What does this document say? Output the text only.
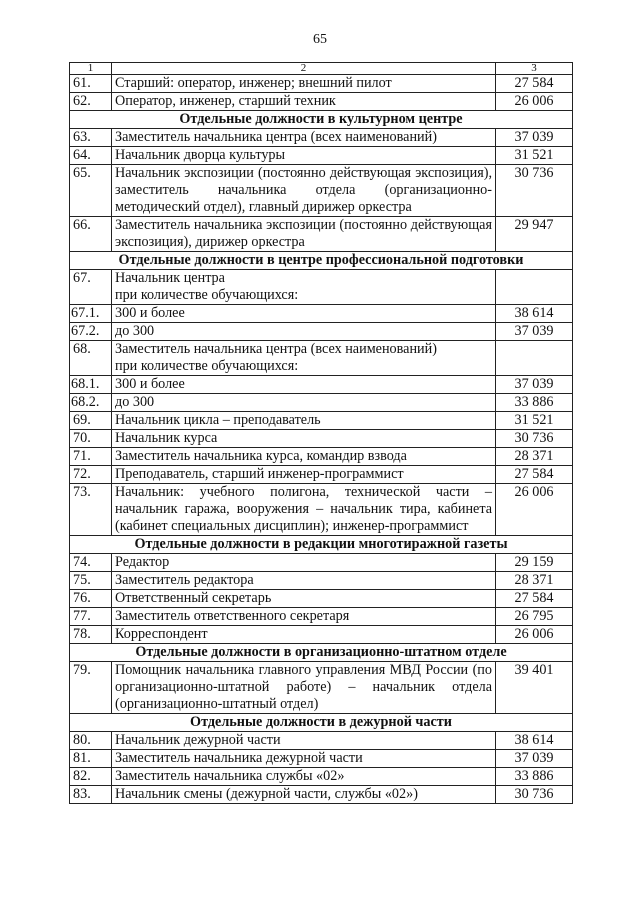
65
1	2	3
61.	Старший: оператор, инженер; внешний пилот	27 584
62.	Оператор, инженер, старший техник	26 006
Отдельные должности в культурном центре		
63.	Заместитель начальника центра (всех наименований)	37 039
64.	Начальник дворца культуры	31 521
65.	Начальник экспозиции (постоянно действующая экспозиция), заместитель начальника отдела (организационно-методический отдел), главный дирижер оркестра	30 736
66.	Заместитель начальника экспозиции (постоянно действующая экспозиция), дирижер оркестра	29 947
Отдельные должности в центре профессиональной подготовки		
67.	Начальник центра
при количестве обучающихся:	
67.1.	300 и более	38 614
67.2.	до 300	37 039
68.	Заместитель начальника центра (всех наименований)
при количестве обучающихся:	
68.1.	300 и более	37 039
68.2.	до 300	33 886
69.	Начальник цикла – преподаватель	31 521
70.	Начальник курса	30 736
71.	Заместитель начальника курса, командир взвода	28 371
72.	Преподаватель, старший инженер-программист	27 584
73.	Начальник: учебного полигона, технической части – начальник гаража, вооружения – начальник тира, кабинета (кабинет специальных дисциплин); инженер-программист	26 006
Отдельные должности в редакции многотиражной газеты		
74.	Редактор	29 159
75.	Заместитель редактора	28 371
76.	Ответственный секретарь	27 584
77.	Заместитель ответственного секретаря	26 795
78.	Корреспондент	26 006
Отдельные должности в организационно-штатном отделе		
79.	Помощник начальника главного управления МВД России (по организационно-штатной работе) – начальник отдела (организационно-штатный отдел)	39 401
Отдельные должности в дежурной части		
80.	Начальник дежурной части	38 614
81.	Заместитель начальника дежурной части	37 039
82.	Заместитель начальника службы «02»	33 886
83.	Начальник смены (дежурной части, службы «02»)	30 736
